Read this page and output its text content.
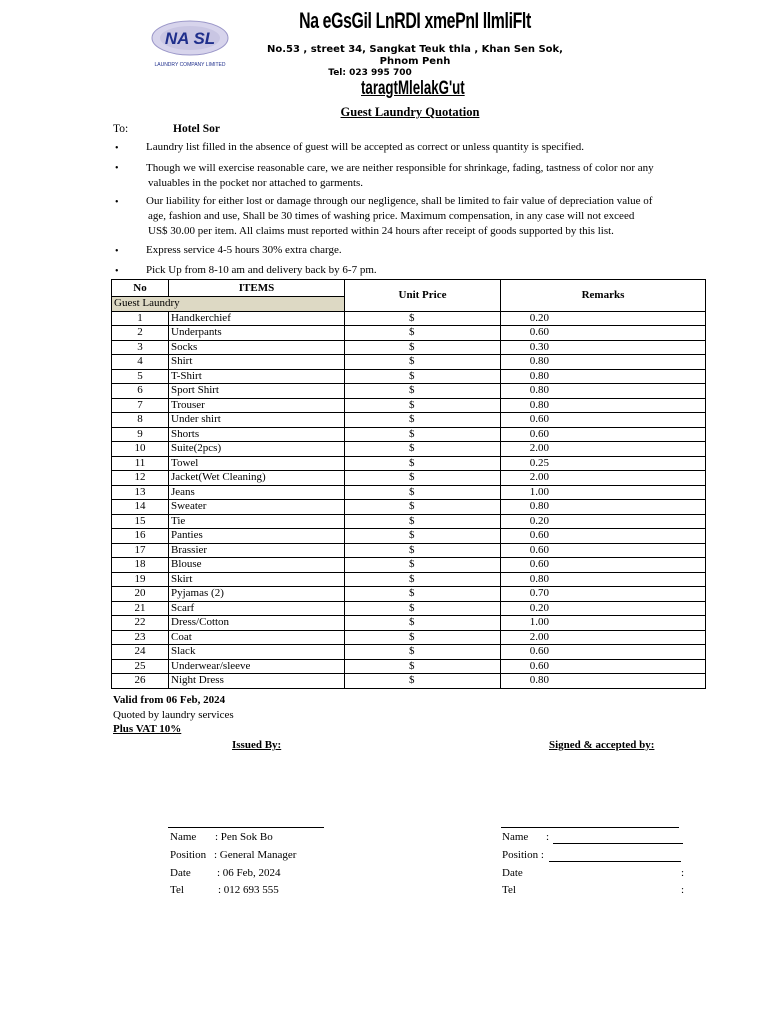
NA SL
LAUNDRY COMPANY LIMITED
Na eGsGil LnRDI xmePnI llmliFlt
No.53 , street 34, Sangkat Teuk thla , Khan Sen Sok,
Phnom Penh
Tel: 023 995 700
taragtMlelakG'ut
Guest Laundry Quotation
To:	Hotel Sor
• Laundry list filled in the absence of guest will be accepted as correct or unless quantity is specified.
• Though we will exercise reasonable care, we are neither responsible for shrinkage, fading, tastness of color nor any
valuables in the pocket nor attached to garments.
• Our liability for either lost or damage through our negligence, shall be limited to fair value of depreciation value of
age, fashion and use, Shall be 30 times of washing price. Maximum compensation, in any case will not exceed
US$ 30.00 per item. All claims must reported within 24 hours after receipt of goods supported by this list.
• Express service 4-5 hours 30% extra charge.
• Pick Up from 8-10 am and delivery back by 6-7 pm.
No	ITEMS	Unit Price	Remarks
Guest Laundry			
1	Handkerchief	$ 0.20	
2	Underpants	$ 0.60	
3	Socks	$ 0.30	
4	Shirt	$ 0.80	
5	T-Shirt	$ 0.80	
6	Sport Shirt	$ 0.80	
7	Trouser	$ 0.80	
8	Under shirt	$ 0.60	
9	Shorts	$ 0.60	
10	Suite(2pcs)	$ 2.00	
11	Towel	$ 0.25	
12	Jacket(Wet Cleaning)	$ 2.00	
13	Jeans	$ 1.00	
14	Sweater	$ 0.80	
15	Tie	$ 0.20	
16	Panties	$ 0.60	
17	Brassier	$ 0.60	
18	Blouse	$ 0.60	
19	Skirt	$ 0.80	
20	Pyjamas (2)	$ 0.70	
21	Scarf	$ 0.20	
22	Dress/Cotton	$ 1.00	
23	Coat	$ 2.00	
24	Slack	$ 0.60	
25	Underwear/sleeve	$ 0.60	
26	Night Dress	$ 0.80	
Valid from 06 Feb, 2024
Quoted by laundry services
Plus VAT 10%
Issued By:	Signed & accepted by:
Name : Pen Sok Bo
Position : General Manager
Date : 06 Feb, 2024
Tel	: 012 693 555
Name :
Position :
Date	:
Tel	:
